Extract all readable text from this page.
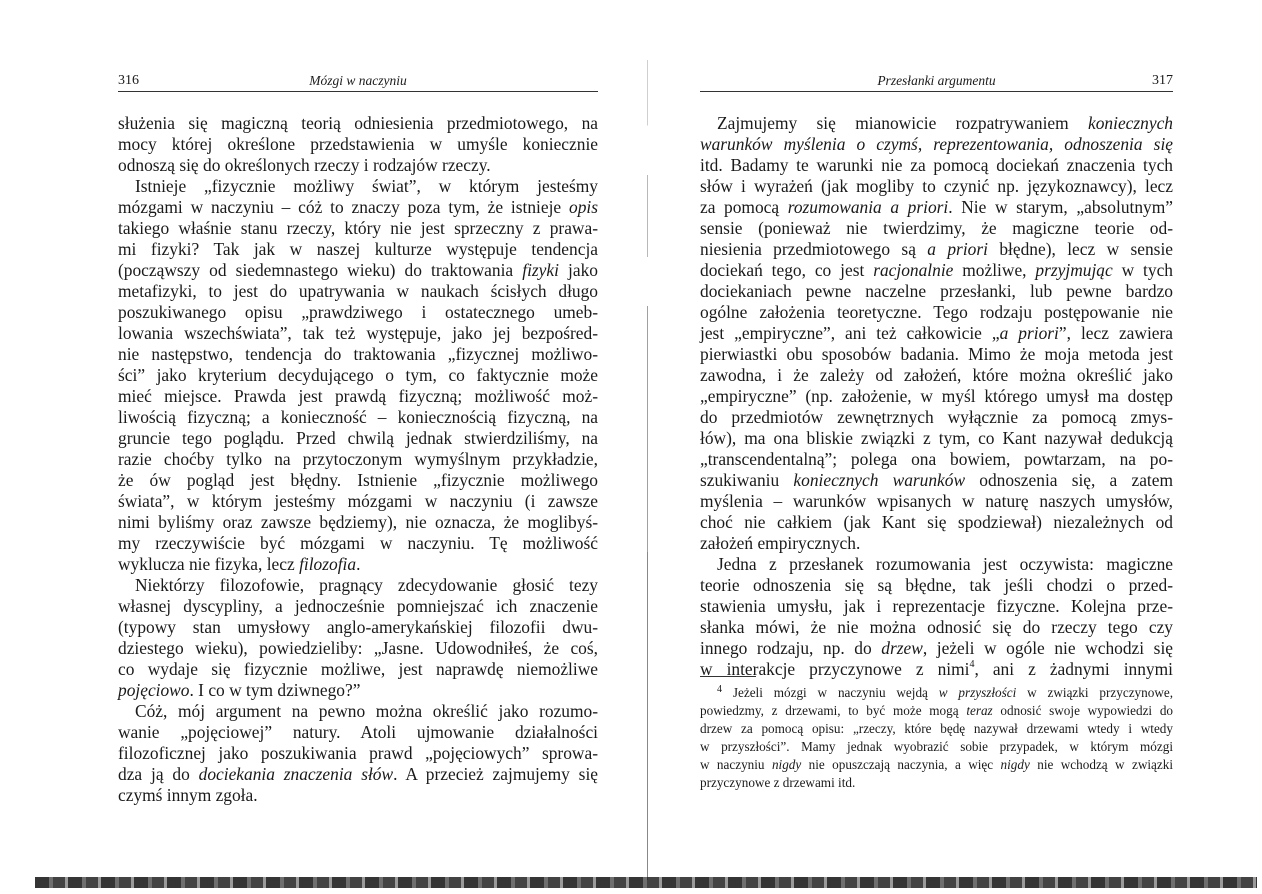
316	Mózgi w naczyniu
służenia się magiczną teorią odniesienia przedmiotowego, na
mocy której określone przedstawienia w umyśle koniecznie
odnoszą się do określonych rzeczy i rodzajów rzeczy.
Istnieje „fizycznie możliwy świat”, w którym jesteśmy
mózgami w naczyniu – cóż to znaczy poza tym, że istnieje opis
takiego właśnie stanu rzeczy, który nie jest sprzeczny z prawa-
mi fizyki? Tak jak w naszej kulturze występuje tendencja
(począwszy od siedemnastego wieku) do traktowania fizyki jako
metafizyki, to jest do upatrywania w naukach ścisłych długo
poszukiwanego opisu „prawdziwego i ostatecznego umeb-
lowania wszechświata”, tak też występuje, jako jej bezpośred-
nie następstwo, tendencja do traktowania „fizycznej możliwo-
ści” jako kryterium decydującego o tym, co faktycznie może
mieć miejsce. Prawda jest prawdą fizyczną; możliwość moż-
liwością fizyczną; a konieczność – koniecznością fizyczną, na
gruncie tego poglądu. Przed chwilą jednak stwierdziliśmy, na
razie choćby tylko na przytoczonym wymyślnym przykładzie,
że ów pogląd jest błędny. Istnienie „fizycznie możliwego
świata”, w którym jesteśmy mózgami w naczyniu (i zawsze
nimi byliśmy oraz zawsze będziemy), nie oznacza, że moglibyś-
my rzeczywiście być mózgami w naczyniu. Tę możliwość
wyklucza nie fizyka, lecz filozofia.
Niektórzy filozofowie, pragnący zdecydowanie głosić tezy
własnej dyscypliny, a jednocześnie pomniejszać ich znaczenie
(typowy stan umysłowy anglo-amerykańskiej filozofii dwu-
dziestego wieku), powiedzieliby: „Jasne. Udowodniłeś, że coś,
co wydaje się fizycznie możliwe, jest naprawdę niemożliwe
pojęciowo. I co w tym dziwnego?”
Cóż, mój argument na pewno można określić jako rozumo-
wanie „pojęciowej” natury. Atoli ujmowanie działalności
filozoficznej jako poszukiwania prawd „pojęciowych” sprowa-
dza ją do dociekania znaczenia słów. A przecież zajmujemy się
czymś innym zgoła.
Przesłanki argumentu	317
Zajmujemy się mianowicie rozpatrywaniem koniecznych
warunków myślenia o czymś, reprezentowania, odnoszenia się
itd. Badamy te warunki nie za pomocą dociekań znaczenia tych
słów i wyrażeń (jak mogliby to czynić np. językoznawcy), lecz
za pomocą rozumowania a priori. Nie w starym, „absolutnym”
sensie (ponieważ nie twierdzimy, że magiczne teorie od-
niesienia przedmiotowego są a priori błędne), lecz w sensie
dociekań tego, co jest racjonalnie możliwe, przyjmując w tych
dociekaniach pewne naczelne przesłanki, lub pewne bardzo
ogólne założenia teoretyczne. Tego rodzaju postępowanie nie
jest „empiryczne”, ani też całkowicie „a priori”, lecz zawiera
pierwiastki obu sposobów badania. Mimo że moja metoda jest
zawodna, i że zależy od założeń, które można określić jako
„empiryczne” (np. założenie, w myśl którego umysł ma dostęp
do przedmiotów zewnętrznych wyłącznie za pomocą zmys-
łów), ma ona bliskie związki z tym, co Kant nazywał dedukcją
„transcendentalną”; polega ona bowiem, powtarzam, na po-
szukiwaniu koniecznych warunków odnoszenia się, a zatem
myślenia – warunków wpisanych w naturę naszych umysłów,
choć nie całkiem (jak Kant się spodziewał) niezależnych od
założeń empirycznych.
Jedna z przesłanek rozumowania jest oczywista: magiczne
teorie odnoszenia się są błędne, tak jeśli chodzi o przed-
stawienia umysłu, jak i reprezentacje fizyczne. Kolejna prze-
słanka mówi, że nie można odnosić się do rzeczy tego czy
innego rodzaju, np. do drzew, jeżeli w ogóle nie wchodzi się
w interakcje przyczynowe z nimi$^4$, ani z żadnymi innymi
$^4$ Jeżeli mózgi w naczyniu wejdą w przyszłości w związki przyczynowe,
powiedzmy, z drzewami, to być może mogą teraz odnosić swoje wypowiedzi do
drzew za pomocą opisu: „rzeczy, które będę nazywał drzewami wtedy i wtedy
w przyszłości”. Mamy jednak wyobrazić sobie przypadek, w którym mózgi
w naczyniu nigdy nie opuszczają naczynia, a więc nigdy nie wchodzą w związki
przyczynowe z drzewami itd.
